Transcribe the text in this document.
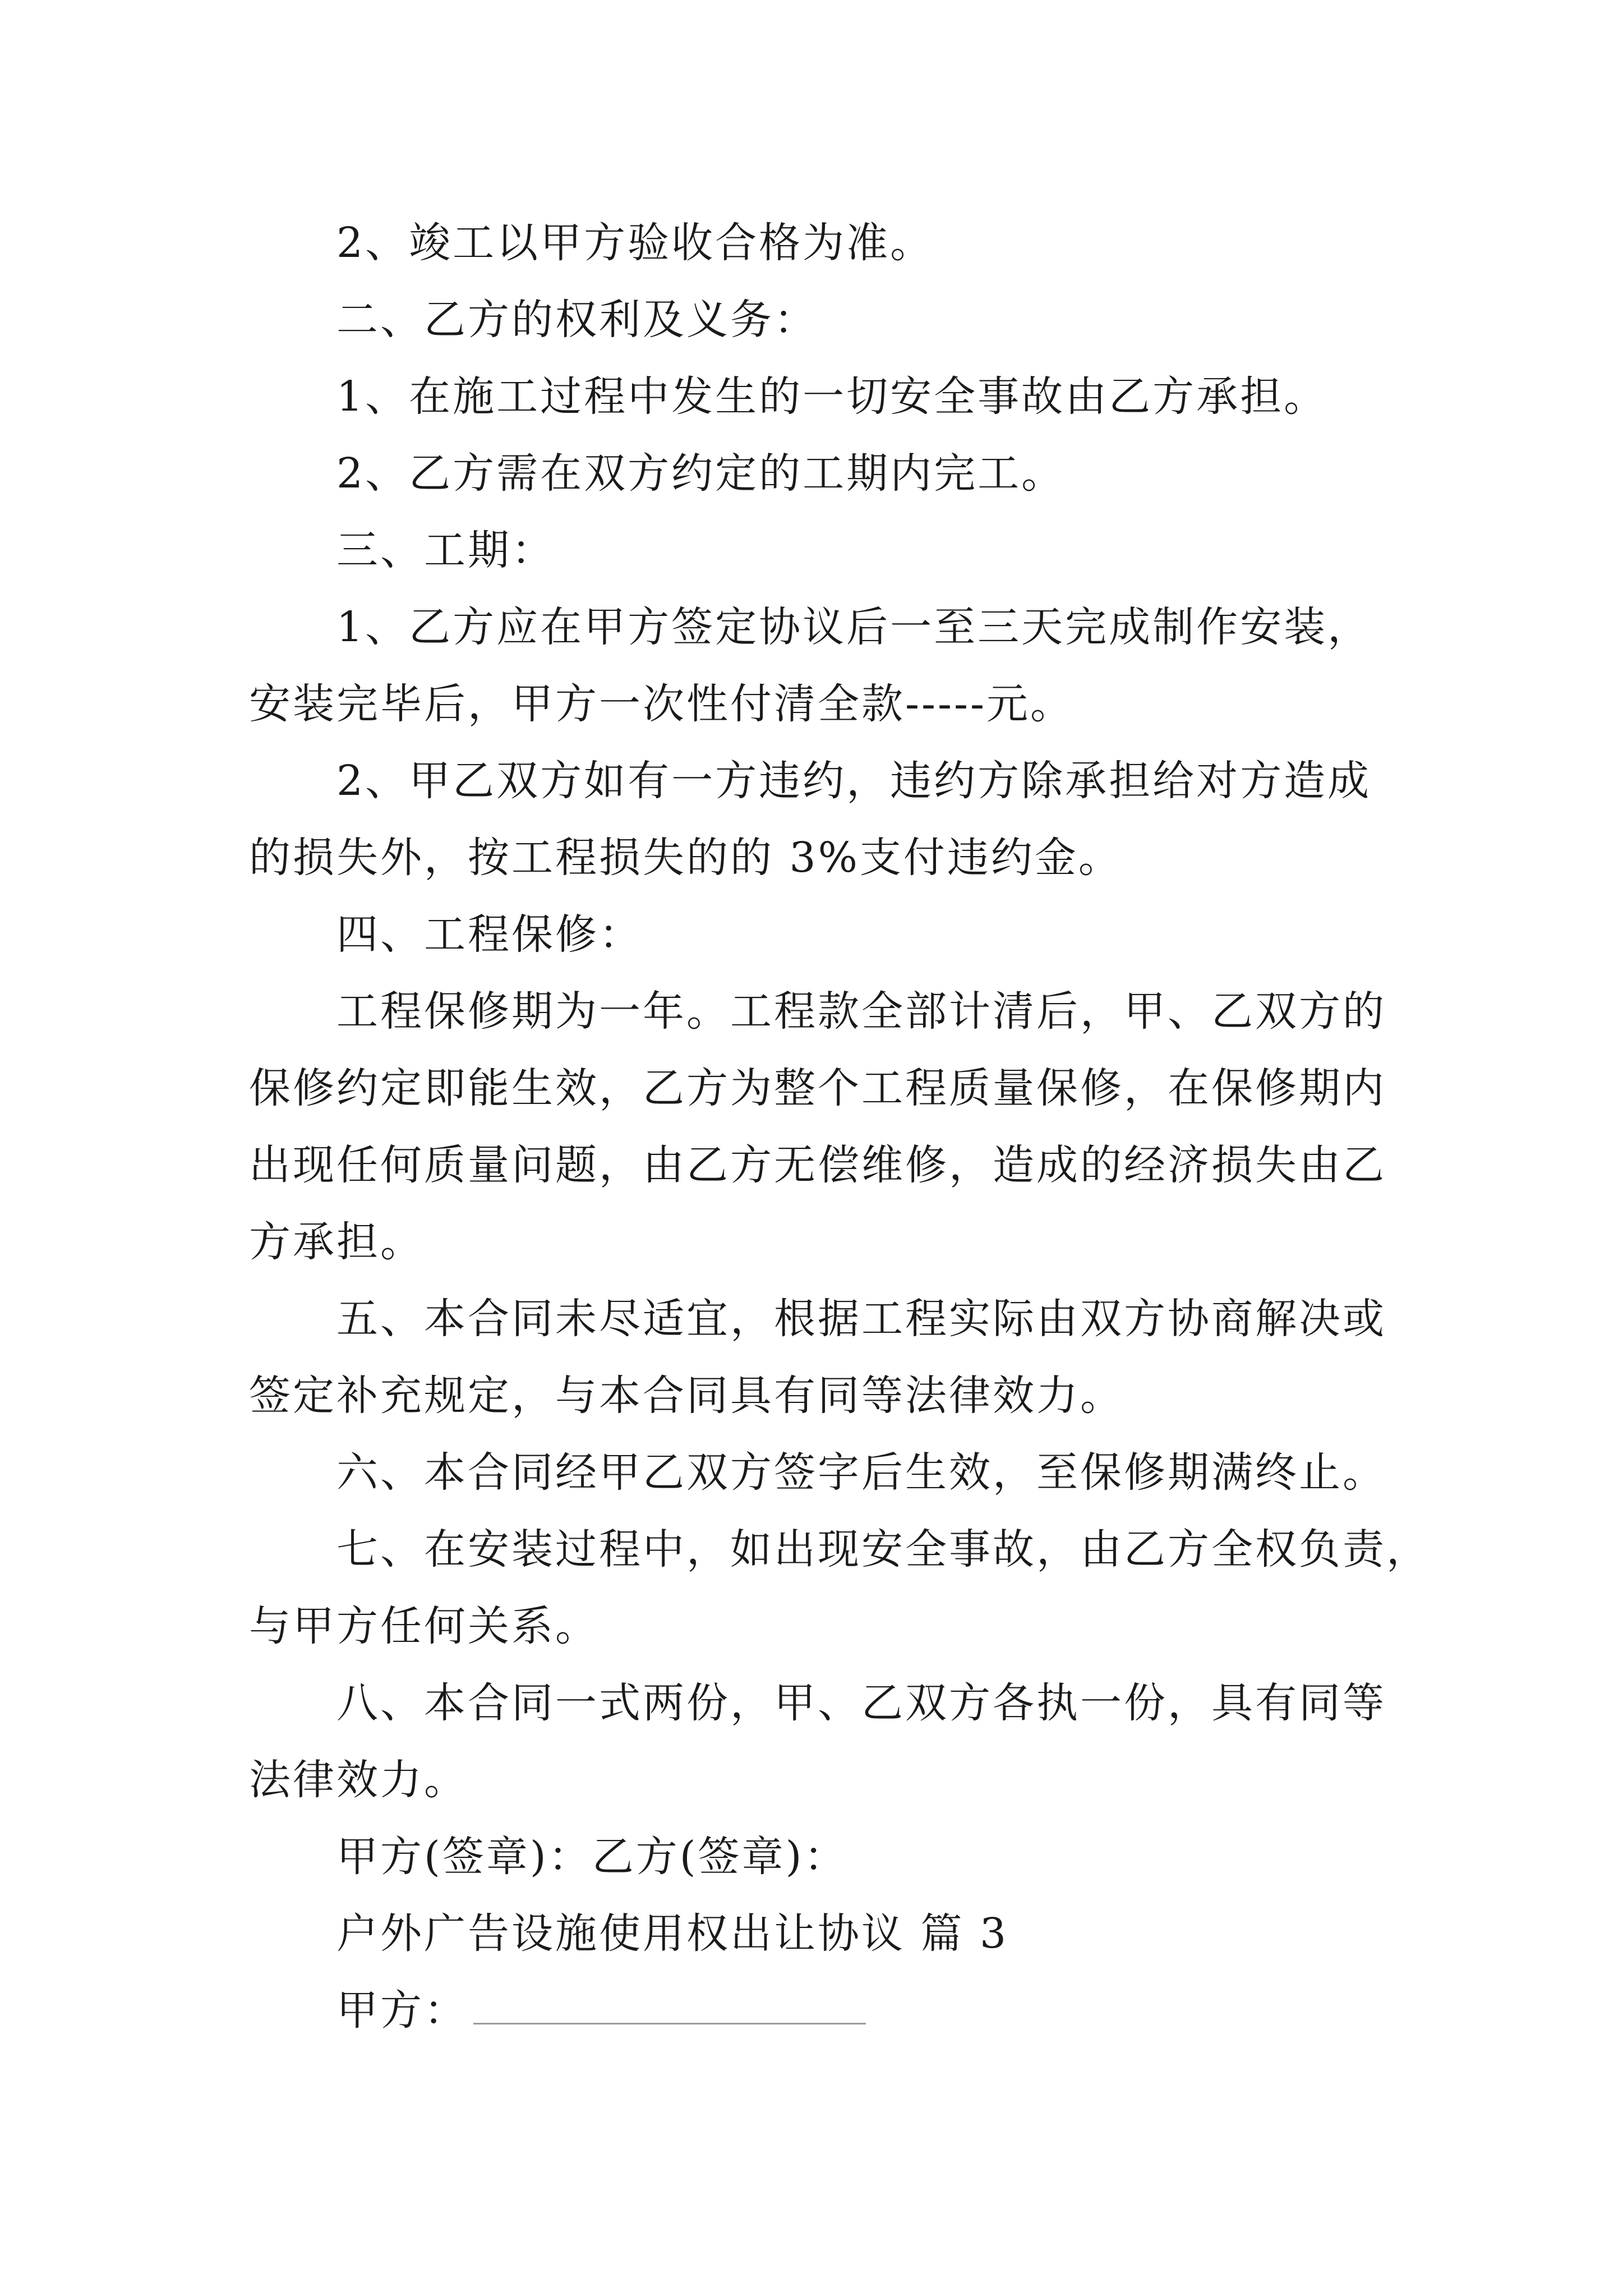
2、竣工以甲方验收合格为准。
二、乙方的权利及义务：
1、在施工过程中发生的一切安全事故由乙方承担。
2、乙方需在双方约定的工期内完工。
三、工期：
1、乙方应在甲方签定协议后一至三天完成制作安装，
安装完毕后，甲方一次性付清全款-----元。
2、甲乙双方如有一方违约，违约方除承担给对方造成
的损失外，按工程损失的的 3%支付违约金。
四、工程保修：
工程保修期为一年。工程款全部计清后，甲、乙双方的
保修约定即能生效，乙方为整个工程质量保修，在保修期内
出现任何质量问题，由乙方无偿维修，造成的经济损失由乙
方承担。
五、本合同未尽适宜，根据工程实际由双方协商解决或
签定补充规定，与本合同具有同等法律效力。
六、本合同经甲乙双方签字后生效，至保修期满终止。
七、在安装过程中，如出现安全事故，由乙方全权负责，
与甲方任何关系。
八、本合同一式两份，甲、乙双方各执一份，具有同等
法律效力。
甲方(签章)：乙方(签章)：
户外广告设施使用权出让协议 篇 3
甲方：
